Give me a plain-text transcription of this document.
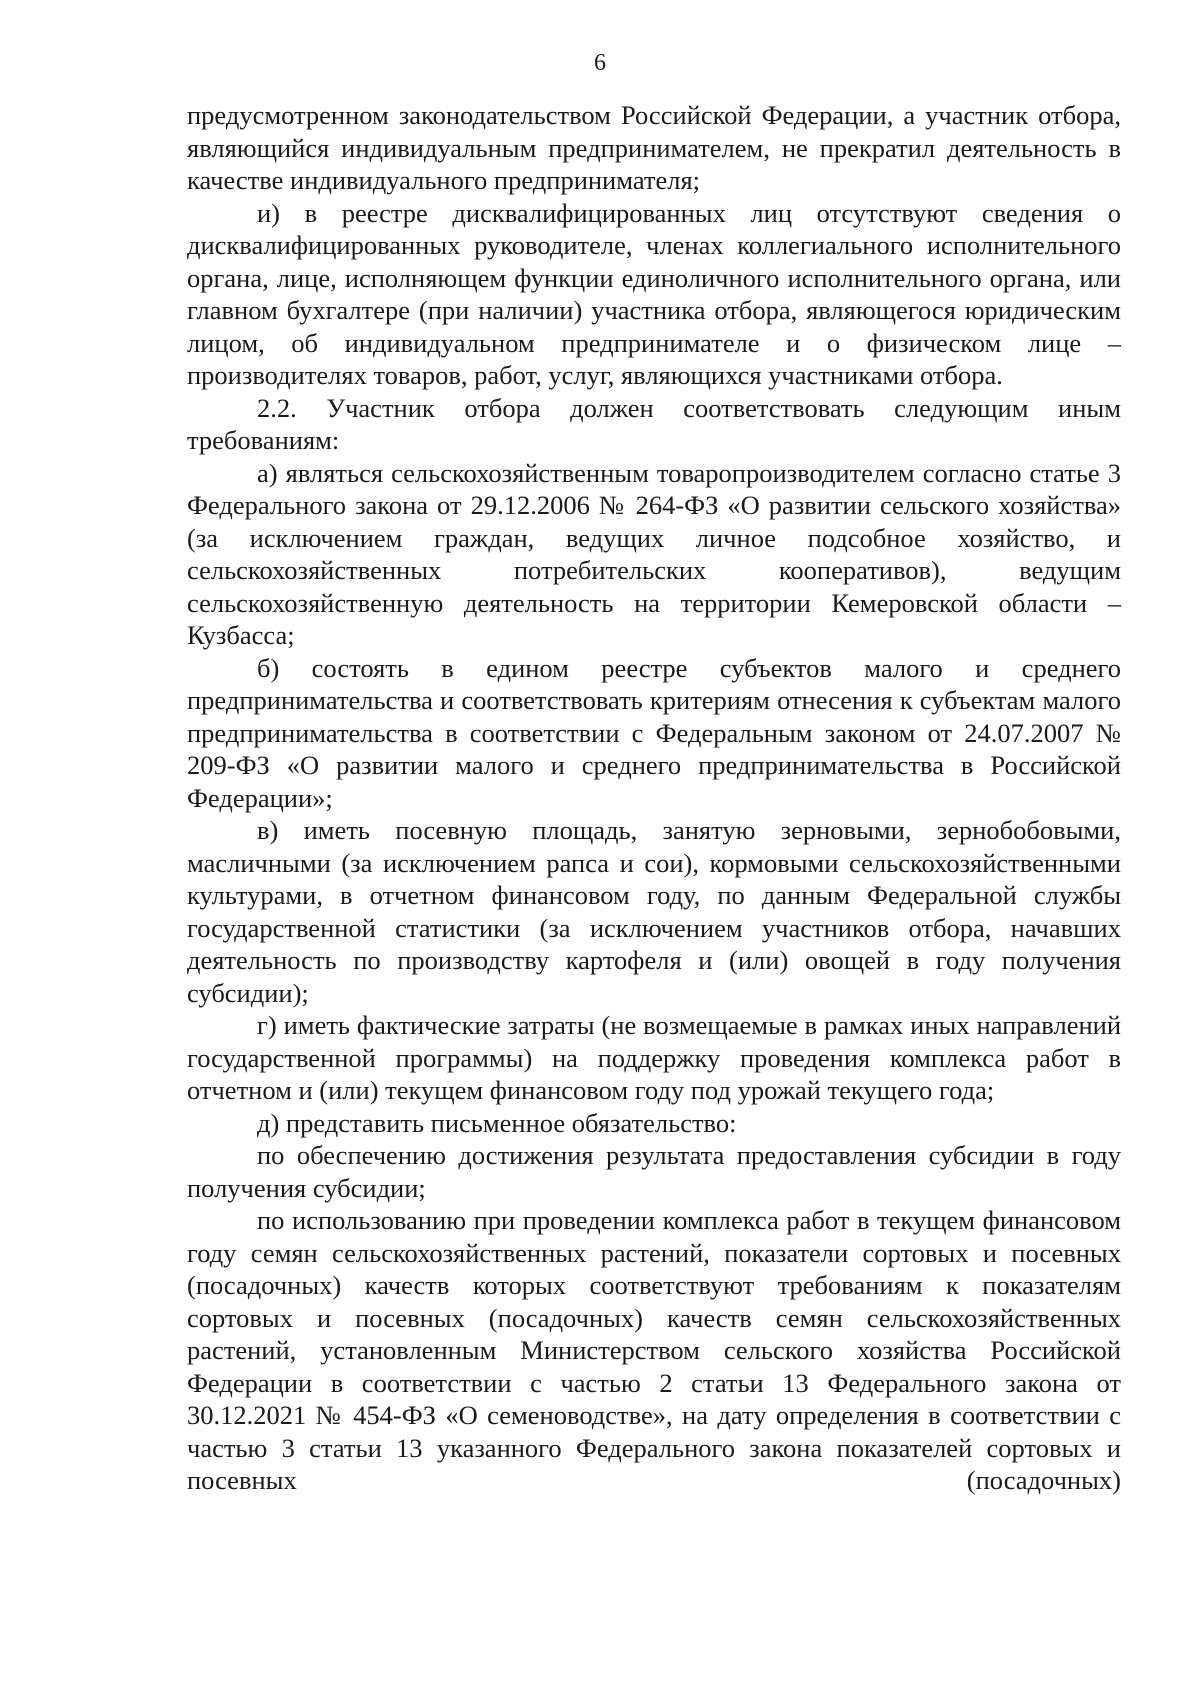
6

предусмотренном законодательством Российской Федерации, а участник отбора, являющийся индивидуальным предпринимателем, не прекратил деятельность в качестве индивидуального предпринимателя;

и) в реестре дисквалифицированных лиц отсутствуют сведения о дисквалифицированных руководителе, членах коллегиального исполнительного органа, лице, исполняющем функции единоличного исполнительного органа, или главном бухгалтере (при наличии) участника отбора, являющегося юридическим лицом, об индивидуальном предпринимателе и о физическом лице – производителях товаров, работ, услуг, являющихся участниками отбора.

2.2. Участник отбора должен соответствовать следующим иным требованиям:

а) являться сельскохозяйственным товаропроизводителем согласно статье 3 Федерального закона от 29.12.2006 № 264-ФЗ «О развитии сельского хозяйства» (за исключением граждан, ведущих личное подсобное хозяйство, и сельскохозяйственных потребительских кооперативов), ведущим сельскохозяйственную деятельность на территории Кемеровской области – Кузбасса;

б) состоять в едином реестре субъектов малого и среднего предпринимательства и соответствовать критериям отнесения к субъектам малого предпринимательства в соответствии с Федеральным законом от 24.07.2007 № 209-ФЗ «О развитии малого и среднего предпринимательства в Российской Федерации»;

в) иметь посевную площадь, занятую зерновыми, зернобобовыми, масличными (за исключением рапса и сои), кормовыми сельскохозяйственными культурами, в отчетном финансовом году, по данным Федеральной службы государственной статистики (за исключением участников отбора, начавших деятельность по производству картофеля и (или) овощей в году получения субсидии);

г) иметь фактические затраты (не возмещаемые в рамках иных направлений государственной программы) на поддержку проведения комплекса работ в отчетном и (или) текущем финансовом году под урожай текущего года;

д) представить письменное обязательство:

по обеспечению достижения результата предоставления субсидии в году получения субсидии;

по использованию при проведении комплекса работ в текущем финансовом году семян сельскохозяйственных растений, показатели сортовых и посевных (посадочных) качеств которых соответствуют требованиям к показателям сортовых и посевных (посадочных) качеств семян сельскохозяйственных растений, установленным Министерством сельского хозяйства Российской Федерации в соответствии с частью 2 статьи 13 Федерального закона от 30.12.2021 № 454-ФЗ «О семеноводстве», на дату определения в соответствии с частью 3 статьи 13 указанного Федерального закона показателей сортовых и посевных (посадочных)
